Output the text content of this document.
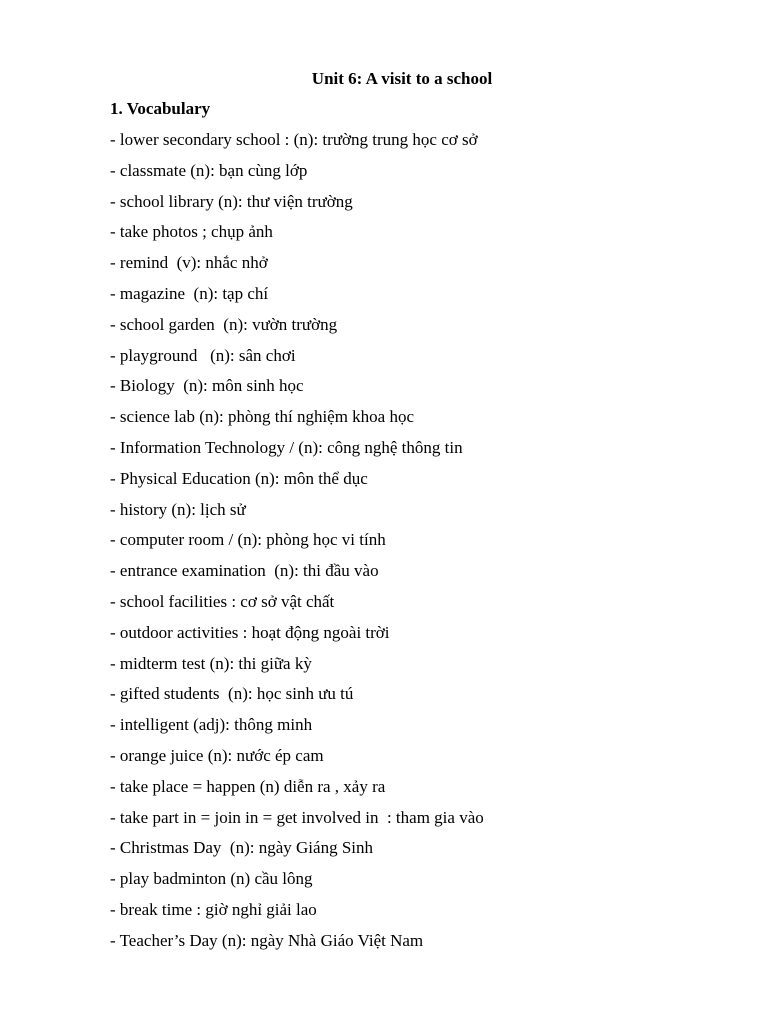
Unit 6: A visit to a school
1. Vocabulary
- lower secondary school : (n): trường trung học cơ sở
- classmate (n): bạn cùng lớp
- school library (n): thư viện trường
- take photos ; chụp ảnh
- remind  (v): nhắc nhở
- magazine  (n): tạp chí
- school garden  (n): vườn trường
- playground   (n): sân chơi
- Biology  (n): môn sinh học
- science lab (n): phòng thí nghiệm khoa học
- Information Technology / (n): công nghệ thông tin
- Physical Education (n): môn thể dục
- history (n): lịch sử
- computer room / (n): phòng học vi tính
- entrance examination  (n): thi đầu vào
- school facilities : cơ sở vật chất
- outdoor activities : hoạt động ngoài trời
- midterm test (n): thi giữa kỳ
- gifted students  (n): học sinh ưu tú
- intelligent (adj): thông minh
- orange juice (n): nước ép cam
- take place = happen (n) diễn ra , xảy ra
- take part in = join in = get involved in  : tham gia vào
- Christmas Day  (n): ngày Giáng Sinh
- play badminton (n) cầu lông
- break time : giờ nghỉ giải lao
- Teacher’s Day (n): ngày Nhà Giáo Việt Nam
